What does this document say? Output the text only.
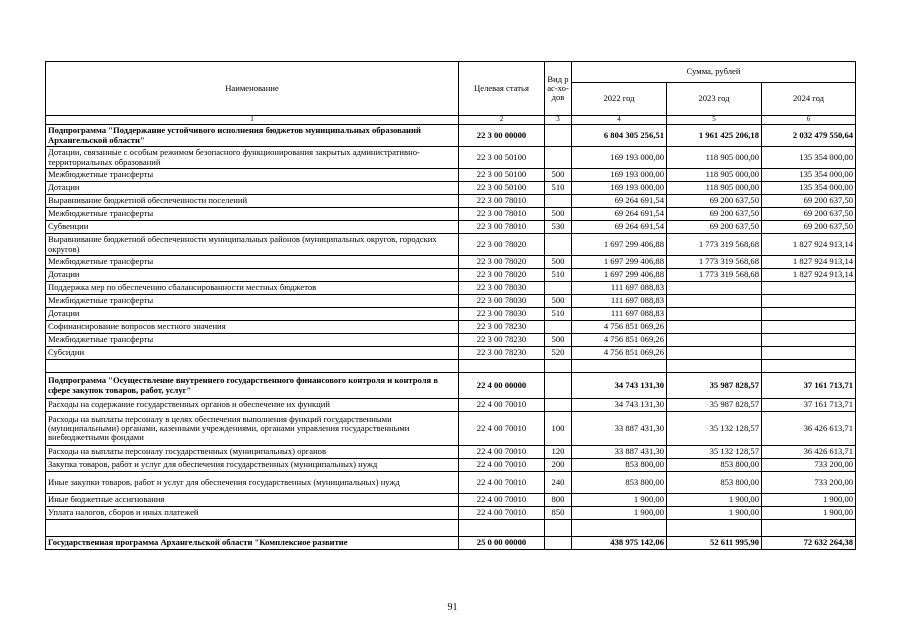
Наименование	Целевая статья	Вид рас-хо-дов	Сумма, рублей		
			2022 год	2023 год	2024 год
1	2	3	4	5	6
Подпрограмма "Поддержание устойчивого исполнения бюджетов муниципальных образований Архангельской области"	22 3 00 00000		6 804 305 256,51	1 961 425 206,18	2 032 479 550,64
Дотации, связанные с особым режимом безопасного функционирования закрытых административно-территориальных образований	22 3 00 50100		169 193 000,00	118 905 000,00	135 354 000,00
Межбюджетные трансферты	22 3 00 50100	500	169 193 000,00	118 905 000,00	135 354 000,00
Дотации	22 3 00 50100	510	169 193 000,00	118 905 000,00	135 354 000,00
Выравнивание бюджетной обеспеченности поселений	22 3 00 78010		69 264 691,54	69 200 637,50	69 200 637,50
Межбюджетные трансферты	22 3 00 78010	500	69 264 691,54	69 200 637,50	69 200 637,50
Субвенции	22 3 00 78010	530	69 264 691,54	69 200 637,50	69 200 637,50
Выравнивание бюджетной обеспеченности муниципальных районов (муниципальных округов, городских округов)	22 3 00 78020		1 697 299 406,88	1 773 319 568,68	1 827 924 913,14
Межбюджетные трансферты	22 3 00 78020	500	1 697 299 406,88	1 773 319 568,68	1 827 924 913,14
Дотации	22 3 00 78020	510	1 697 299 406,88	1 773 319 568,68	1 827 924 913,14
Поддержка мер по обеспечению сбалансированности местных бюджетов	22 3 00 78030		111 697 088,83		
Межбюджетные трансферты	22 3 00 78030	500	111 697 088,83		
Дотации	22 3 00 78030	510	111 697 088,83		
Софинансирование вопросов местного значения	22 3 00 78230		4 756 851 069,26		
Межбюджетные трансферты	22 3 00 78230	500	4 756 851 069,26		
Субсидии	22 3 00 78230	520	4 756 851 069,26		

Подпрограмма "Осуществление внутреннего государственного финансового контроля и контроля в сфере закупок товаров, работ, услуг"	22 4 00 00000		34 743 131,30	35 987 828,57	37 161 713,71
Расходы на содержание государственных органов и обеспечение их функций	22 4 00 70010		34 743 131,30	35 987 828,57	37 161 713,71
Расходы на выплаты персоналу в целях обеспечения выполнения функций государственными (муниципальными) органами, казенными учреждениями, органами управления государственными внебюджетными фондами	22 4 00 70010	100	33 887 431,30	35 132 128,57	36 426 613,71
Расходы на выплаты персоналу государственных (муниципальных) органов	22 4 00 70010	120	33 887 431,30	35 132 128,57	36 426 613,71
Закупка товаров, работ и услуг для обеспечения государственных (муниципальных) нужд	22 4 00 70010	200	853 800,00	853 800,00	733 200,00
Иные закупки товаров, работ и услуг для обеспечения государственных (муниципальных) нужд	22 4 00 70010	240	853 800,00	853 800,00	733 200,00
Иные бюджетные ассигнования	22 4 00 70010	800	1 900,00	1 900,00	1 900,00
Уплата налогов, сборов и иных платежей	22 4 00 70010	850	1 900,00	1 900,00	1 900,00

Государственная программа Архангельской области "Комплексное развитие	25 0 00 00000		438 975 142,06	52 611 995,90	72 632 264,38
91
